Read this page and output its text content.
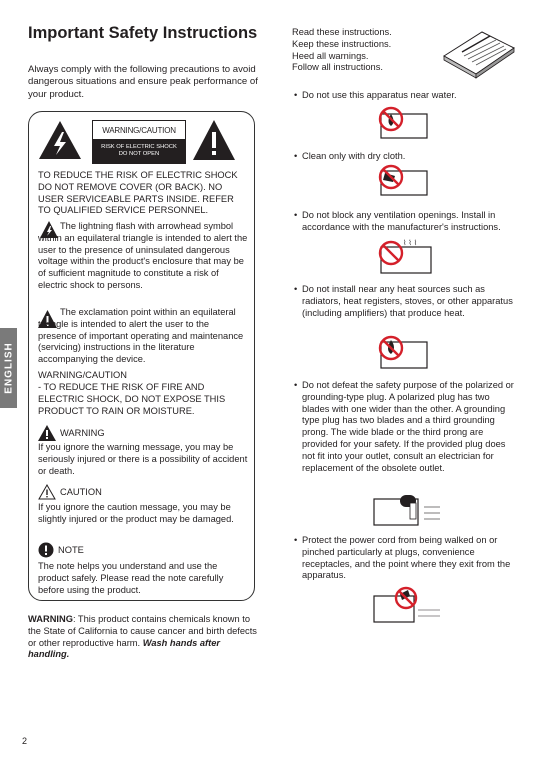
Important Safety Instructions
Always comply with the following precautions to avoid dangerous situations and ensure peak performance of your product.
ENGLISH
WARNING/CAUTION
RISK OF ELECTRIC SHOCK
DO NOT OPEN
TO REDUCE THE RISK OF ELECTRIC SHOCK DO NOT REMOVE COVER (OR BACK). NO USER SERVICEABLE PARTS INSIDE. REFER TO QUALIFIED SERVICE PERSONNEL.
The lightning flash with arrowhead symbol within an equilateral triangle is intended to alert the user to the presence of uninsulated dangerous voltage within the product's enclosure that may be of sufficient magnitude to constitute a risk of electric shock to persons.
The exclamation point within an equilateral triangle is intended to alert the user to the presence of important operating and maintenance (servicing) instructions in the literature accompanying the device.
WARNING/CAUTION
- TO REDUCE THE RISK OF FIRE AND ELECTRIC SHOCK, DO NOT EXPOSE THIS PRODUCT TO RAIN OR MOISTURE.
WARNING
If you ignore the warning message, you may be seriously injured or there is a possibility of accident or death.
CAUTION
If you ignore the caution message, you may be slightly injured or the product may be damaged.
NOTE
The note helps you understand and use the product safely. Please read the note carefully before using the product.
WARNING: This product contains chemicals known to the State of California to cause cancer and birth defects or other reproductive harm. Wash hands after handling.
Read these instructions.
Keep these instructions.
Heed all warnings.
Follow all instructions.
• Do not use this apparatus near water.
• Clean only with dry cloth.
• Do not block any ventilation openings. Install in accordance with the manufacturer's instructions.
⌇ ⌇ ⌇
• Do not install near any heat sources such as radiators, heat registers, stoves, or other apparatus (including amplifiers) that produce heat.
• Do not defeat the safety purpose of the polarized or grounding-type plug. A polarized plug has two blades with one wider than the other. A grounding type plug has two blades and a third grounding prong. The wide blade or the third prong are provided for your safety. If the provided plug does not fit into your outlet, consult an electrician for replacement of the obsolete outlet.
• Protect the power cord from being walked on or pinched particularly at plugs, convenience receptacles, and the point where they exit from the apparatus.
2
